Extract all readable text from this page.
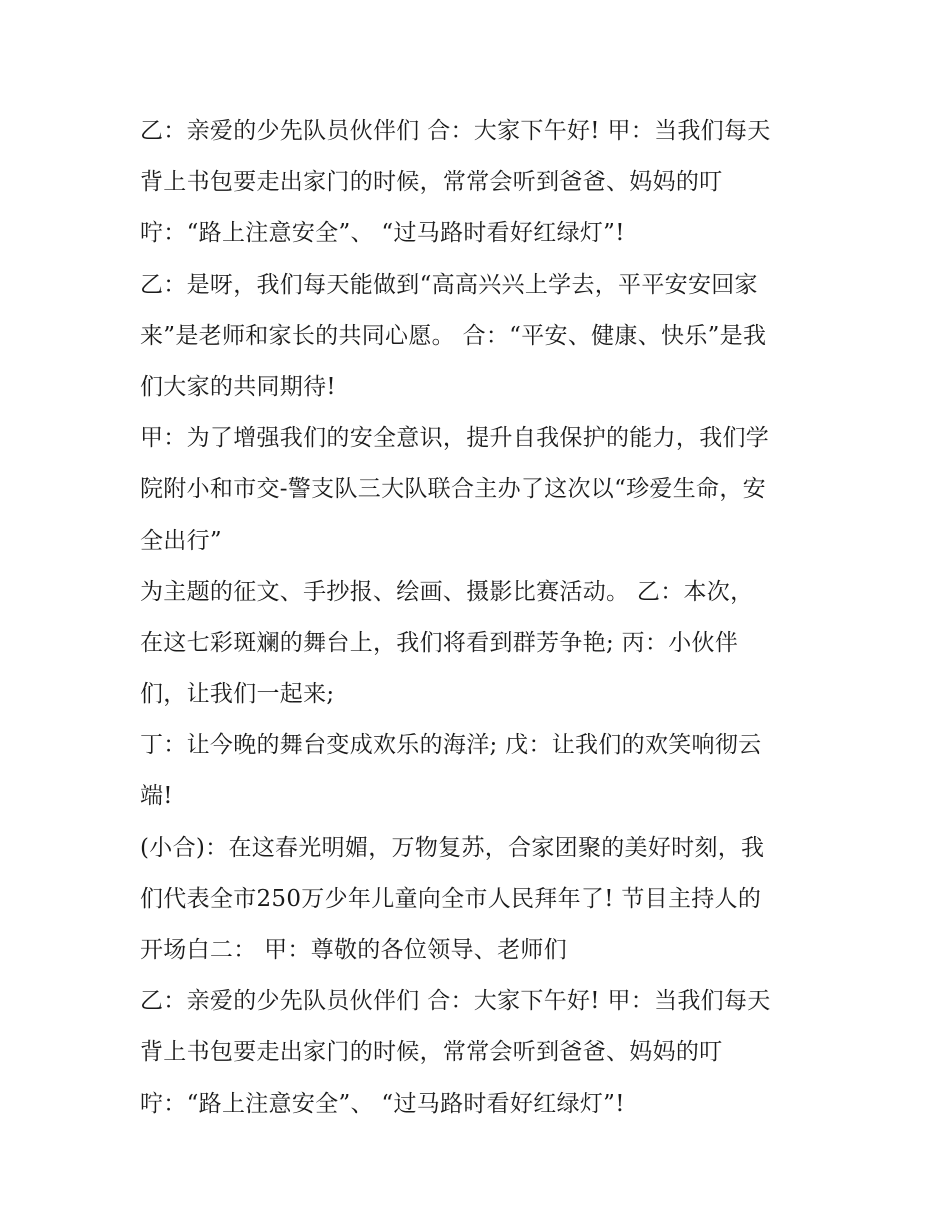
乙：亲爱的少先队员伙伴们 合：大家下午好! 甲：当我们每天
背上书包要走出家门的时候，常常会听到爸爸、妈妈的叮
咛：“路上注意安全”、 “过马路时看好红绿灯”!
乙：是呀，我们每天能做到“高高兴兴上学去，平平安安回家
来”是老师和家长的共同心愿。 合：“平安、健康、快乐”是我
们大家的共同期待!
甲：为了增强我们的安全意识，提升自我保护的能力，我们学
院附小和市交-警支队三大队联合主办了这次以“珍爱生命，安
全出行”
为主题的征文、手抄报、绘画、摄影比赛活动。 乙：本次，
在这七彩斑斓的舞台上，我们将看到群芳争艳; 丙：小伙伴
们，让我们一起来;
丁：让今晚的舞台变成欢乐的海洋; 戊：让我们的欢笑响彻云
端!
(小合)：在这春光明媚，万物复苏，合家团聚的美好时刻，我
们代表全市250万少年儿童向全市人民拜年了! 节目主持人的
开场白二： 甲：尊敬的各位领导、老师们
乙：亲爱的少先队员伙伴们 合：大家下午好! 甲：当我们每天
背上书包要走出家门的时候，常常会听到爸爸、妈妈的叮
咛：“路上注意安全”、 “过马路时看好红绿灯”!
